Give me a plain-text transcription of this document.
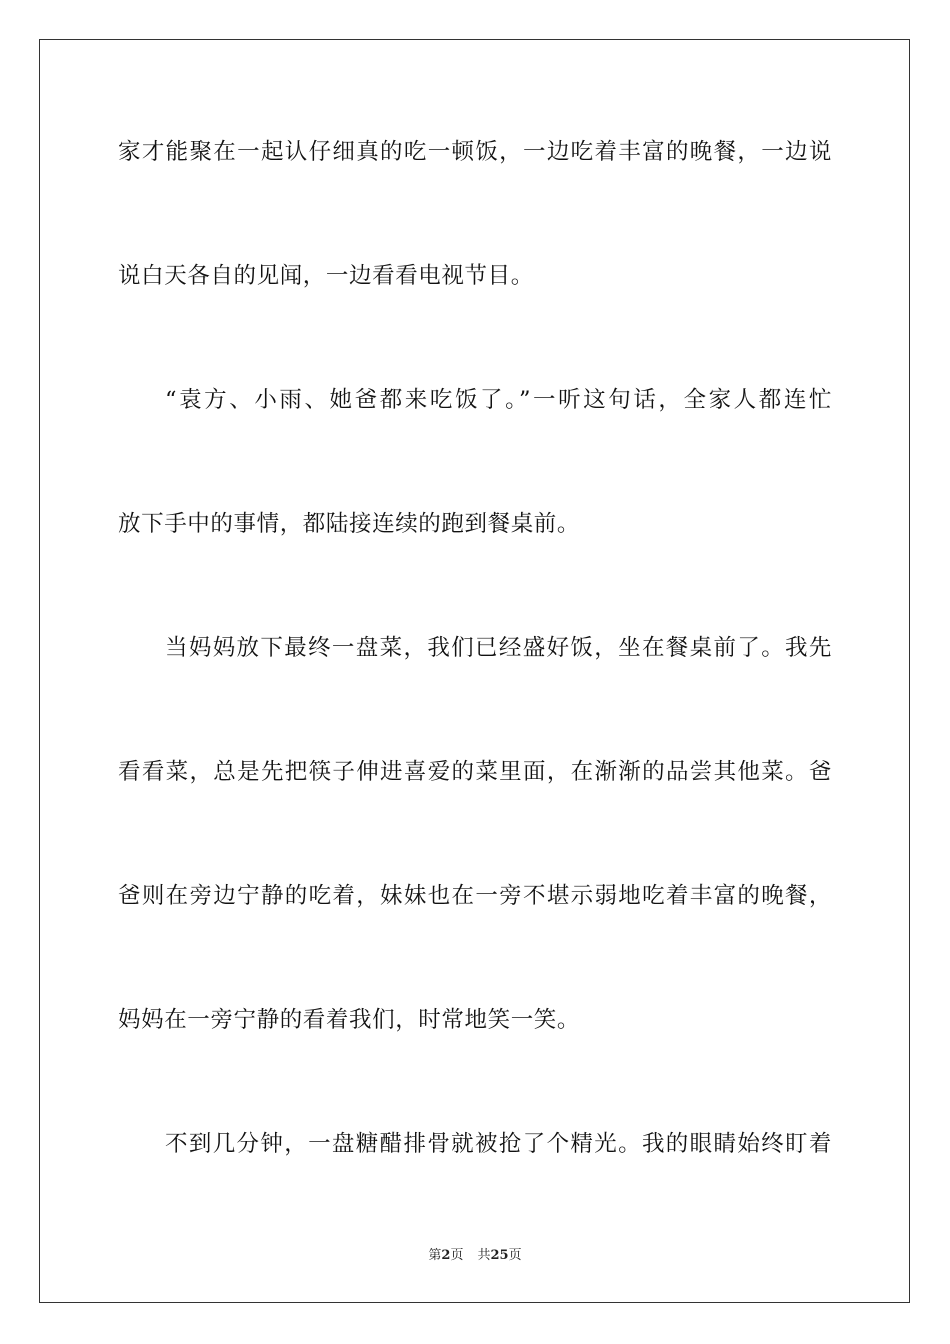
家才能聚在一起认仔细真的吃一顿饭，一边吃着丰富的晚餐，一边说
说白天各自的见闻，一边看看电视节目。
“袁方、小雨、她爸都来吃饭了。”一听这句话，全家人都连忙
放下手中的事情，都陆接连续的跑到餐桌前。
当妈妈放下最终一盘菜，我们已经盛好饭，坐在餐桌前了。我先
看看菜，总是先把筷子伸进喜爱的菜里面，在渐渐的品尝其他菜。爸
爸则在旁边宁静的吃着，妹妹也在一旁不堪示弱地吃着丰富的晚餐，
妈妈在一旁宁静的看着我们，时常地笑一笑。
不到几分钟，一盘糖醋排骨就被抢了个精光。我的眼睛始终盯着
第2页 共25页
